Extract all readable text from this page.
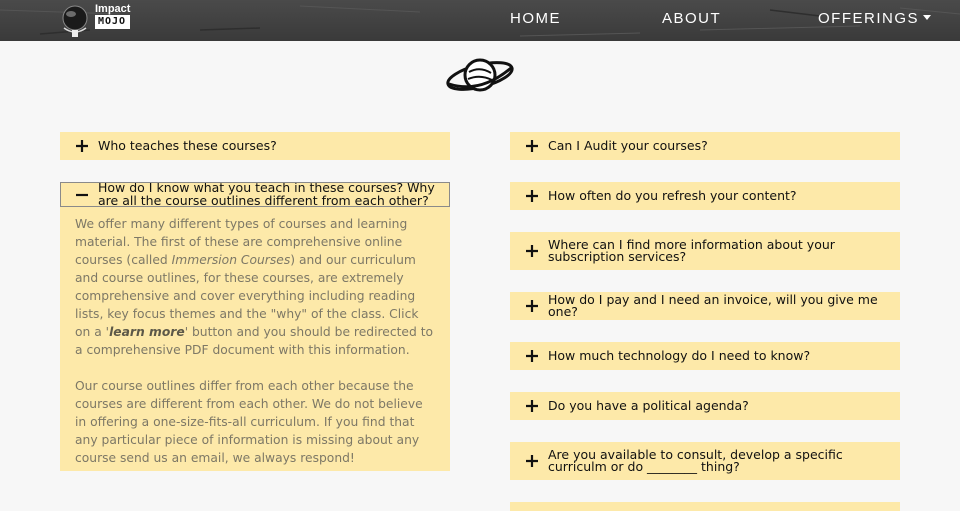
Impact
MOJO	HOME	ABOUT	OFFERINGS
Who teaches these courses?
How do I know what you teach in these courses? Why are all the course outlines different from each other?

We offer many different types of courses and learning material. The first of these are comprehensive online courses (called Immersion Courses) and our curriculum and course outlines, for these courses, are extremely comprehensive and cover everything including reading lists, key focus themes and the "why" of the class. Click on a 'learn more' button and you should be redirected to a comprehensive PDF document with this information.

Our course outlines differ from each other because the courses are different from each other. We do not believe in offering a one-size-fits-all curriculum. If you find that any particular piece of information is missing about any course send us an email, we always respond!

Can I Audit your courses?
How often do you refresh your content?
Where can I find more information about your subscription services?
How do I pay and I need an invoice, will you give me one?
How much technology do I need to know?
Do you have a political agenda?
Are you available to consult, develop a specific curriculm or do ________ thing?
